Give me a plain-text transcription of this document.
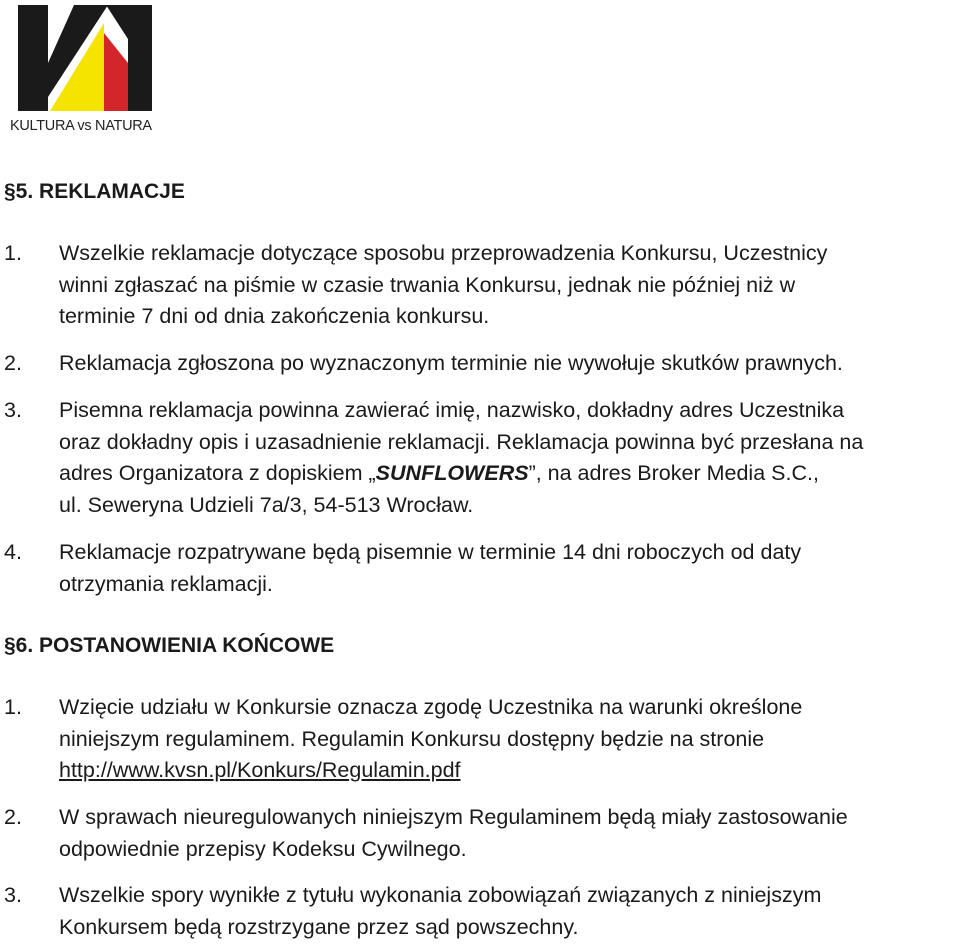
KULTURA vs NATURA
§5. REKLAMACJE
1. Wszelkie reklamacje dotyczące sposobu przeprowadzenia Konkursu, Uczestnicy
winni zgłaszać na piśmie w czasie trwania Konkursu, jednak nie później niż w
terminie 7 dni od dnia zakończenia konkursu.
2. Reklamacja zgłoszona po wyznaczonym terminie nie wywołuje skutków prawnych.
3. Pisemna reklamacja powinna zawierać imię, nazwisko, dokładny adres Uczestnika
oraz dokładny opis i uzasadnienie reklamacji. Reklamacja powinna być przesłana na
adres Organizatora z dopiskiem „SUNFLOWERS”, na adres Broker Media S.C.,
ul. Seweryna Udzieli 7a/3, 54-513 Wrocław.
4. Reklamacje rozpatrywane będą pisemnie w terminie 14 dni roboczych od daty
otrzymania reklamacji.
§6. POSTANOWIENIA KOŃCOWE
1. Wzięcie udziału w Konkursie oznacza zgodę Uczestnika na warunki określone
niniejszym regulaminem. Regulamin Konkursu dostępny będzie na stronie
http://www.kvsn.pl/Konkurs/Regulamin.pdf
2. W sprawach nieuregulowanych niniejszym Regulaminem będą miały zastosowanie
odpowiednie przepisy Kodeksu Cywilnego.
3. Wszelkie spory wynikłe z tytułu wykonania zobowiązań związanych z niniejszym
Konkursem będą rozstrzygane przez sąd powszechny.
